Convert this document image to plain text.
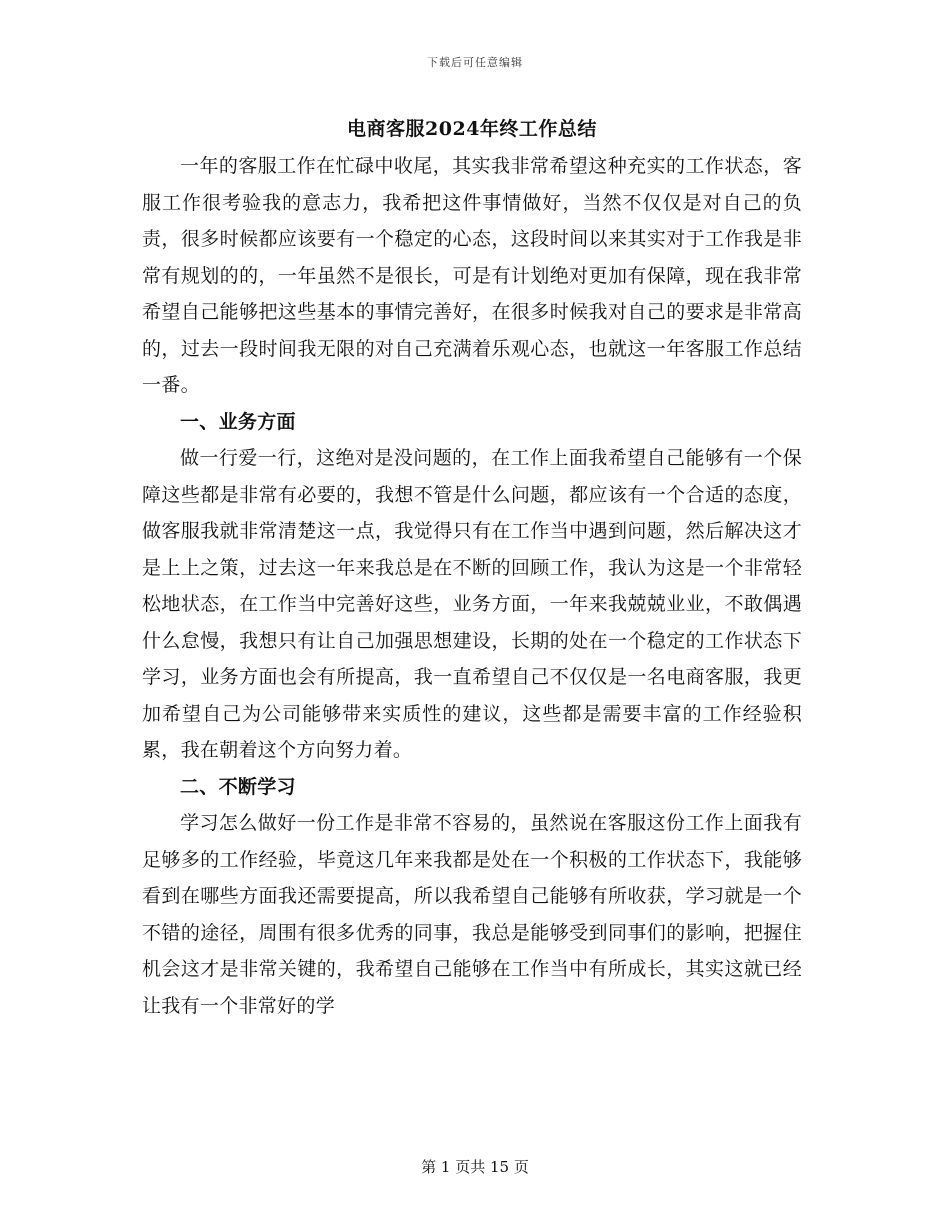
下载后可任意编辑
电商客服2024年终工作总结

一年的客服工作在忙碌中收尾，其实我非常希望这种充实的工作状态，客服工作很考验我的意志力，我希把这件事情做好，当然不仅仅是对自己的负责，很多时候都应该要有一个稳定的心态，这段时间以来其实对于工作我是非常有规划的的，一年虽然不是很长，可是有计划绝对更加有保障，现在我非常希望自己能够把这些基本的事情完善好，在很多时候我对自己的要求是非常高的，过去一段时间我无限的对自己充满着乐观心态，也就这一年客服工作总结一番。

一、业务方面

做一行爱一行，这绝对是没问题的，在工作上面我希望自己能够有一个保障这些都是非常有必要的，我想不管是什么问题，都应该有一个合适的态度，做客服我就非常清楚这一点，我觉得只有在工作当中遇到问题，然后解决这才是上上之策，过去这一年来我总是在不断的回顾工作，我认为这是一个非常轻松地状态，在工作当中完善好这些，业务方面，一年来我兢兢业业，不敢偶遇什么怠慢，我想只有让自己加强思想建设，长期的处在一个稳定的工作状态下学习，业务方面也会有所提高，我一直希望自己不仅仅是一名电商客服，我更加希望自己为公司能够带来实质性的建议，这些都是需要丰富的工作经验积累，我在朝着这个方向努力着。

二、不断学习

学习怎么做好一份工作是非常不容易的，虽然说在客服这份工作上面我有足够多的工作经验，毕竟这几年来我都是处在一个积极的工作状态下，我能够看到在哪些方面我还需要提高，所以我希望自己能够有所收获，学习就是一个不错的途径，周围有很多优秀的同事，我总是能够受到同事们的影响，把握住机会这才是非常关键的，我希望自己能够在工作当中有所成长，其实这就已经让我有一个非常好的学

第 1 页共 15 页
